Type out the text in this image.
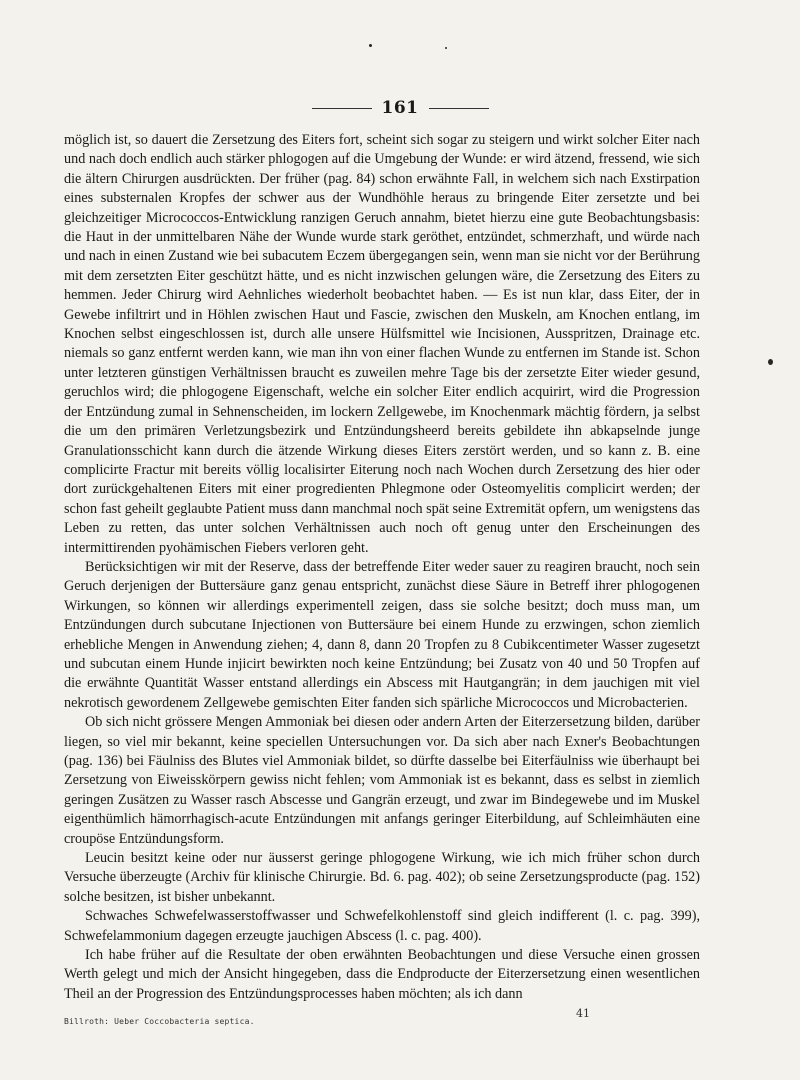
161

möglich ist, so dauert die Zersetzung des Eiters fort, scheint sich sogar zu steigern und wirkt solcher Eiter nach und nach doch endlich auch stärker phlogogen auf die Umgebung der Wunde: er wird ätzend, fressend, wie sich die ältern Chirurgen ausdrückten. Der früher (pag. 84) schon erwähnte Fall, in welchem sich nach Exstirpation eines substernalen Kropfes der schwer aus der Wundhöhle heraus zu bringende Eiter zersetzte und bei gleichzeitiger Micrococcos-Entwicklung ranzigen Geruch annahm, bietet hierzu eine gute Beobachtungsbasis: die Haut in der unmittelbaren Nähe der Wunde wurde stark geröthet, entzündet, schmerzhaft, und würde nach und nach in einen Zustand wie bei subacutem Eczem übergegangen sein, wenn man sie nicht vor der Berührung mit dem zersetzten Eiter geschützt hätte, und es nicht inzwischen gelungen wäre, die Zersetzung des Eiters zu hemmen. Jeder Chirurg wird Aehnliches wiederholt beobachtet haben. — Es ist nun klar, dass Eiter, der in Gewebe infiltrirt und in Höhlen zwischen Haut und Fascie, zwischen den Muskeln, am Knochen entlang, im Knochen selbst eingeschlossen ist, durch alle unsere Hülfsmittel wie Incisionen, Ausspritzen, Drainage etc. niemals so ganz entfernt werden kann, wie man ihn von einer flachen Wunde zu entfernen im Stande ist. Schon unter letzteren günstigen Verhältnissen braucht es zuweilen mehre Tage bis der zersetzte Eiter wieder gesund, geruchlos wird; die phlogogene Eigenschaft, welche ein solcher Eiter endlich acquirirt, wird die Progression der Entzündung zumal in Sehnenscheiden, im lockern Zellgewebe, im Knochenmark mächtig fördern, ja selbst die um den primären Verletzungsbezirk und Entzündungsheerd bereits gebildete ihn abkapselnde junge Granulationsschicht kann durch die ätzende Wirkung dieses Eiters zerstört werden, und so kann z. B. eine complicirte Fractur mit bereits völlig localisirter Eiterung noch nach Wochen durch Zersetzung des hier oder dort zurückgehaltenen Eiters mit einer progredienten Phlegmone oder Osteomyelitis complicirt werden; der schon fast geheilt geglaubte Patient muss dann manchmal noch spät seine Extremität opfern, um wenigstens das Leben zu retten, das unter solchen Verhältnissen auch noch oft genug unter den Erscheinungen des intermittirenden pyohämischen Fiebers verloren geht.

Berücksichtigen wir mit der Reserve, dass der betreffende Eiter weder sauer zu reagiren braucht, noch sein Geruch derjenigen der Buttersäure ganz genau entspricht, zunächst diese Säure in Betreff ihrer phlogogenen Wirkungen, so können wir allerdings experimentell zeigen, dass sie solche besitzt; doch muss man, um Entzündungen durch subcutane Injectionen von Buttersäure bei einem Hunde zu erzwingen, schon ziemlich erhebliche Mengen in Anwendung ziehen; 4, dann 8, dann 20 Tropfen zu 8 Cubikcentimeter Wasser zugesetzt und subcutan einem Hunde injicirt bewirkten noch keine Entzündung; bei Zusatz von 40 und 50 Tropfen auf die erwähnte Quantität Wasser entstand allerdings ein Abscess mit Hautgangrän; in dem jauchigen mit viel nekrotisch gewordenem Zellgewebe gemischten Eiter fanden sich spärliche Micrococcos und Microbacterien.

Ob sich nicht grössere Mengen Ammoniak bei diesen oder andern Arten der Eiterzersetzung bilden, darüber liegen, so viel mir bekannt, keine speciellen Untersuchungen vor. Da sich aber nach Exner's Beobachtungen (pag. 136) bei Fäulniss des Blutes viel Ammoniak bildet, so dürfte dasselbe bei Eiterfäulniss wie überhaupt bei Zersetzung von Eiweisskörpern gewiss nicht fehlen; vom Ammoniak ist es bekannt, dass es selbst in ziemlich geringen Zusätzen zu Wasser rasch Abscesse und Gangrän erzeugt, und zwar im Bindegewebe und im Muskel eigenthümlich hämorrhagisch-acute Entzündungen mit anfangs geringer Eiterbildung, auf Schleimhäuten eine croupöse Entzündungsform.

Leucin besitzt keine oder nur äusserst geringe phlogogene Wirkung, wie ich mich früher schon durch Versuche überzeugte (Archiv für klinische Chirurgie. Bd. 6. pag. 402); ob seine Zersetzungsproducte (pag. 152) solche besitzen, ist bisher unbekannt.

Schwaches Schwefelwasserstoffwasser und Schwefelkohlenstoff sind gleich indifferent (l. c. pag. 399), Schwefelammonium dagegen erzeugte jauchigen Abscess (l. c. pag. 400).

Ich habe früher auf die Resultate der oben erwähnten Beobachtungen und diese Versuche einen grossen Werth gelegt und mich der Ansicht hingegeben, dass die Endproducte der Eiterzersetzung einen wesentlichen Theil an der Progression des Entzündungsprocesses haben möchten; als ich dann

Billroth: Ueber Coccobacteria septica.
41
